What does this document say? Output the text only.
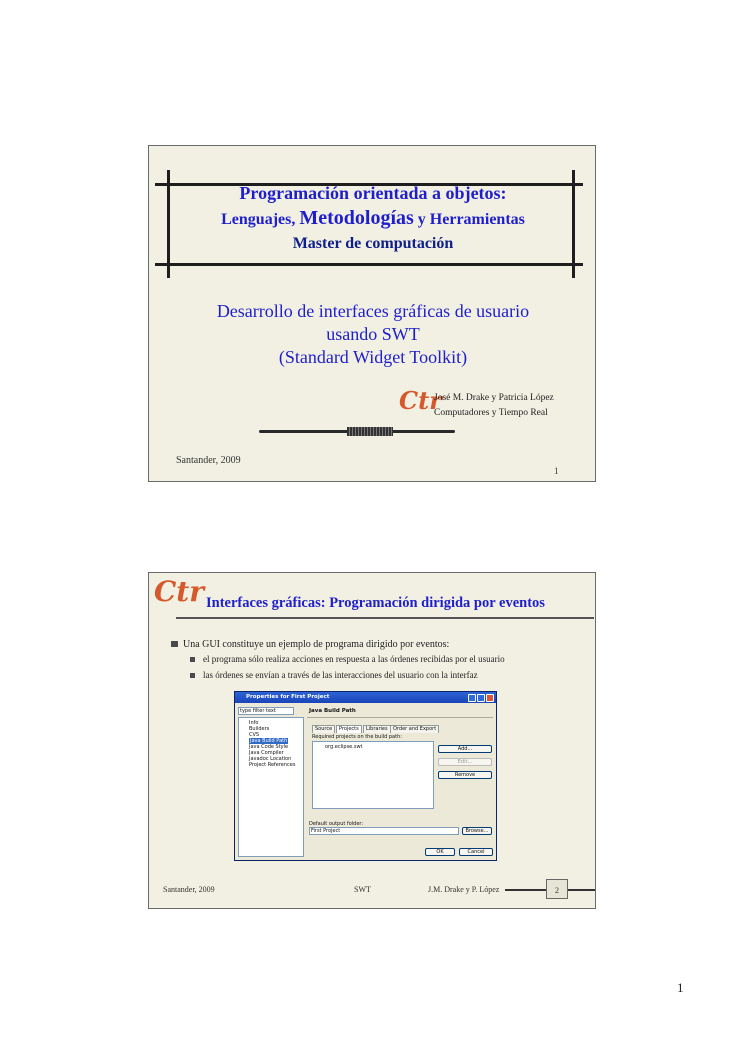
Programación orientada a objetos:
Lenguajes, Metodologías y Herramientas
Master de computación
Desarrollo de interfaces gráficas de usuario
usando SWT
(Standard Widget Toolkit)
Ctr
José M. Drake y Patricia López
Computadores y Tiempo Real
Santander, 2009
1
Ctr Interfaces gráficas: Programación dirigida por eventos
Una GUI constituye un ejemplo de programa dirigido por eventos:
el programa sólo realiza acciones en respuesta a las órdenes recibidas por el usuario
las órdenes se envían a través de las interacciones del usuario con la interfaz
Properties for First Project
type filter text
Info
Builders
CVS
Java Build Path
Java Code Style
Java Compiler
Javadoc Location
Project References
Java Build Path
Source	Projects	Libraries	Order and Export
Required projects on the build path:
org.eclipse.swt	Add...
Edit...
Remove
Default output folder:
First Project	Browse...
OK	Cancel
Santander, 2009	SWT	J.M. Drake y P. López	2
1
